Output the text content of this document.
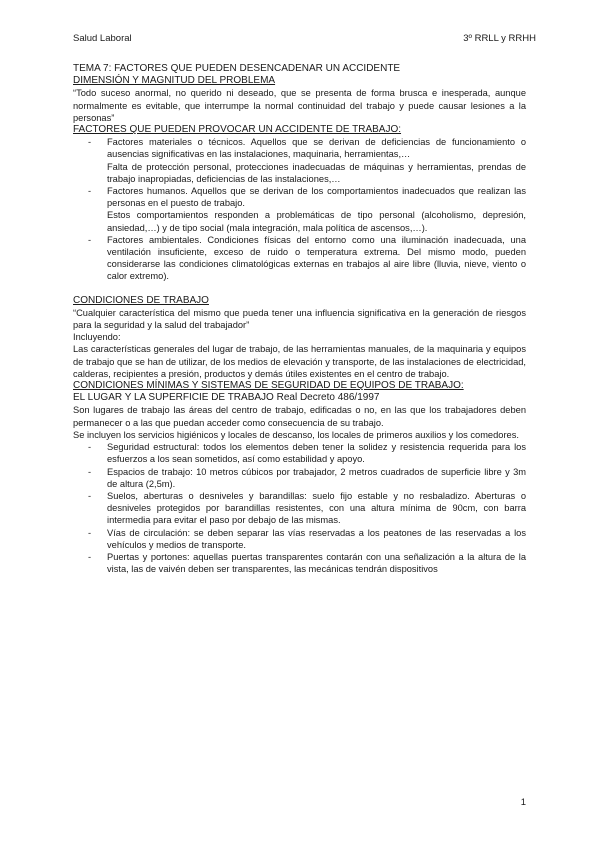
Salud Laboral	3º RRLL y RRHH

TEMA 7: FACTORES QUE PUEDEN DESENCADENAR UN ACCIDENTE

DIMENSIÓN Y MAGNITUD DEL PROBLEMA

“Todo suceso anormal, no querido ni deseado, que se presenta de forma brusca e inesperada, aunque normalmente es evitable, que interrumpe la normal continuidad del trabajo y puede causar lesiones a la personas”

FACTORES QUE PUEDEN PROVOCAR UN ACCIDENTE DE TRABAJO:

- Factores materiales o técnicos. Aquellos que se derivan de deficiencias de funcionamiento o ausencias significativas en las instalaciones, maquinaria, herramientas,…
Falta de protección personal, protecciones inadecuadas de máquinas y herramientas, prendas de trabajo inapropiadas, deficiencias de las instalaciones,…
- Factores humanos. Aquellos que se derivan de los comportamientos inadecuados que realizan las personas en el puesto de trabajo.
Estos comportamientos responden a problemáticas de tipo personal (alcoholismo, depresión, ansiedad,…) y de tipo social (mala integración, mala política de ascensos,…).
- Factores ambientales. Condiciones físicas del entorno como una iluminación inadecuada, una ventilación insuficiente, exceso de ruido o temperatura extrema. Del mismo modo, pueden considerarse las condiciones climatológicas externas en trabajos al aire libre (lluvia, nieve, viento o calor extremo).

CONDICIONES DE TRABAJO

“Cualquier característica del mismo que pueda tener una influencia significativa en la generación de riesgos para la seguridad y la salud del trabajador”

Incluyendo:

Las características generales del lugar de trabajo, de las herramientas manuales, de la maquinaria y equipos de trabajo que se han de utilizar, de los medios de elevación y transporte, de las instalaciones de electricidad, calderas, recipientes a presión, productos y demás útiles existentes en el centro de trabajo.

CONDICIONES MÍNIMAS Y SISTEMAS DE SEGURIDAD DE EQUIPOS DE TRABAJO:

EL LUGAR Y LA SUPERFICIE DE TRABAJO Real Decreto 486/1997

Son lugares de trabajo las áreas del centro de trabajo, edificadas o no, en las que los trabajadores deben permanecer o a las que puedan acceder como consecuencia de su trabajo.

Se incluyen los servicios higiénicos y locales de descanso, los locales de primeros auxilios y los comedores.

- Seguridad estructural: todos los elementos deben tener la solidez y resistencia requerida para los esfuerzos a los sean sometidos, así como estabilidad y apoyo.
- Espacios de trabajo: 10 metros cúbicos por trabajador, 2 metros cuadrados de superficie libre y 3m de altura (2,5m).
- Suelos, aberturas o desniveles y barandillas: suelo fijo estable y no resbaladizo. Aberturas o desniveles protegidos por barandillas resistentes, con una altura mínima de 90cm, con barra intermedia para evitar el paso por debajo de las mismas.
- Vías de circulación: se deben separar las vías reservadas a los peatones de las reservadas a los vehículos y medios de transporte.
- Puertas y portones: aquellas puertas transparentes contarán con una señalización a la altura de la vista, las de vaivén deben ser transparentes, las mecánicas tendrán dispositivos
1
